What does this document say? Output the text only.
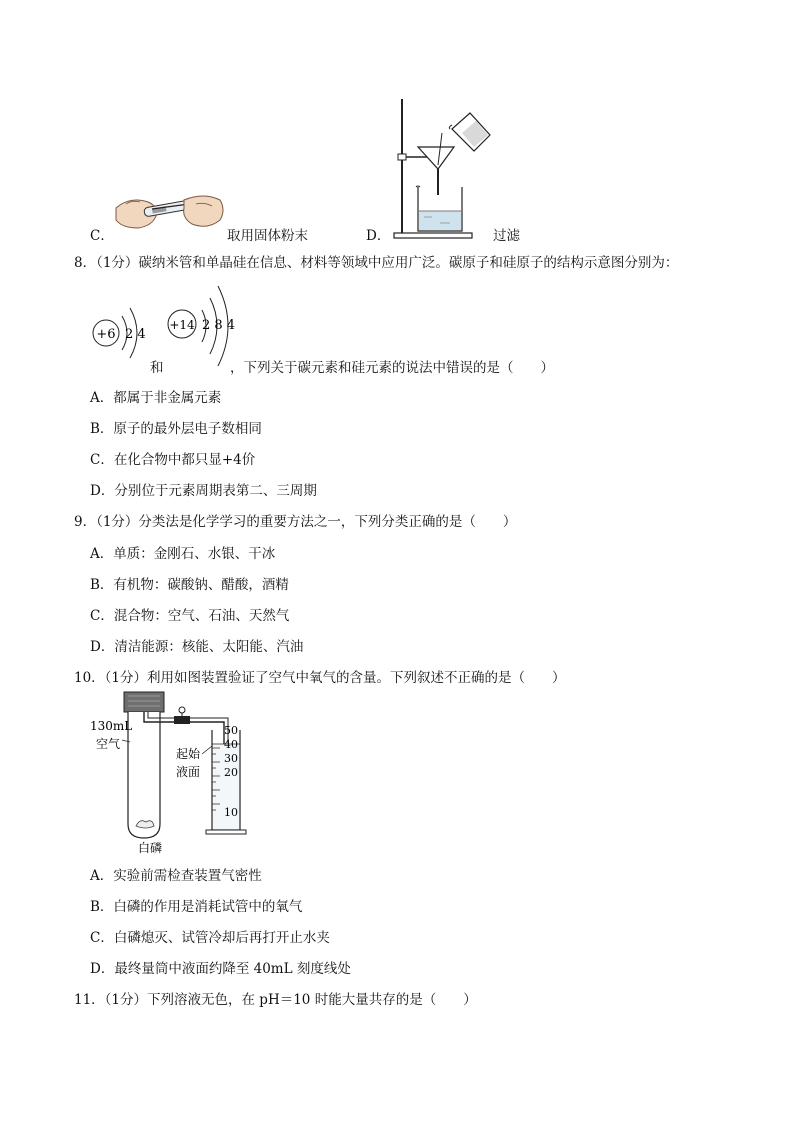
C．	取用固体粉末	D．	过滤
8．（1分）碳纳米管和单晶硅在信息、材料等领域中应用广泛。碳原子和硅原子的结构示意图分别为：
+6 2 4
+14 2 8 4
和	，下列关于碳元素和硅元素的说法中错误的是（　　）
A．都属于非金属元素
B．原子的最外层电子数相同
C．在化合物中都只显+4价
D．分别位于元素周期表第二、三周期
9．（1分）分类法是化学学习的重要方法之一，下列分类正确的是（　　）
A．单质：金刚石、水银、干冰
B．有机物：碳酸钠、醋酸，酒精
C．混合物：空气、石油、天然气
D．清洁能源：核能、太阳能、汽油
10．（1分）利用如图装置验证了空气中氧气的含量。下列叙述不正确的是（　　）
白磷
130mL
空气
50
40
30
20
10
起始
液面
A．实验前需检查装置气密性
B．白磷的作用是消耗试管中的氧气
C．白磷熄灭、试管冷却后再打开止水夹
D．最终量筒中液面约降至 40mL 刻度线处
11．（1分）下列溶液无色，在 pH＝10 时能大量共存的是（　　）
